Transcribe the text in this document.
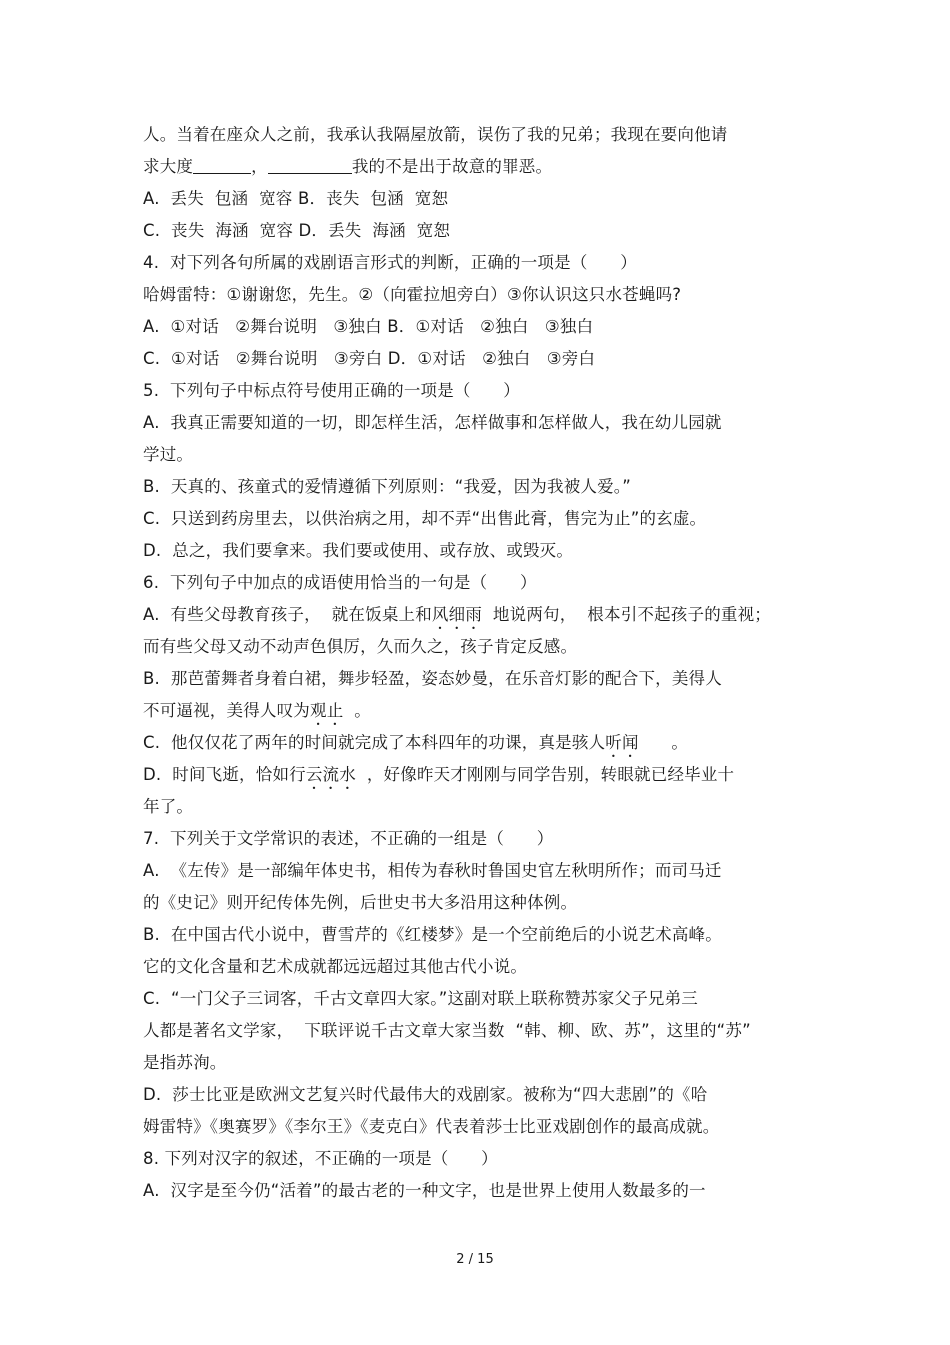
人。当着在座众人之前，我承认我隔屋放箭，误伤了我的兄弟；我现在要向他请
求大度	，	我的不是出于故意的罪恶。
A.  丢失  包涵  宽容 B．丧失  包涵  宽恕
C.  丧失  海涵  宽容 D．丢失  海涵  宽恕
4.  对下列各句所属的戏剧语言形式的判断，正确的一项是（      ）
哈姆雷特：①谢谢您，先生。②（向霍拉旭旁白）③你认识这只水苍蝇吗?
A.  ①对话   ②舞台说明   ③独白 B．①对话   ②独白   ③独白
C.  ①对话   ②舞台说明   ③旁白 D．①对话   ②独白   ③旁白
5.  下列句子中标点符号使用正确的一项是（      ）
A.  我真正需要知道的一切，即怎样生活，怎样做事和怎样做人，我在幼儿园就
学过。
B.  天真的、孩童式的爱情遵循下列原则：“我爱，因为我被人爱。”
C.  只送到药房里去，以供治病之用，却不弄“出售此膏，售完为止”的玄虚。
D.  总之，我们要拿来。我们要或使用、或存放、或毁灭。
6.  下列句子中加点的成语使用恰当的一句是（      ）
A.  有些父母教育孩子，  就在饭桌上和风细雨  地说两句，  根本引不起孩子的重视；
而有些父母又动不动声色俱厉，久而久之，孩子肯定反感。
B.  那芭蕾舞者身着白裙，舞步轻盈，姿态妙曼，在乐音灯影的配合下，美得人
不可逼视，美得人叹为观止  。
C.  他仅仅花了两年的时间就完成了本科四年的功课，真是骇人听闻      。
D.  时间飞逝，恰如行云流水  ，好像昨天才刚刚与同学告别，转眼就已经毕业十
年了。
7.  下列关于文学常识的表述，不正确的一组是（      ）
A.  《左传》是一部编年体史书，相传为春秋时鲁国史官左秋明所作；而司马迁
的《史记》则开纪传体先例，后世史书大多沿用这种体例。
B.  在中国古代小说中，曹雪芹的《红楼梦》是一个空前绝后的小说艺术高峰。
它的文化含量和艺术成就都远远超过其他古代小说。
C.  “一门父子三词客，千古文章四大家。”这副对联上联称赞苏家父子兄弟三
人都是著名文学家，  下联评说千古文章大家当数  “韩、柳、欧、苏”，这里的“苏”
是指苏洵。
D.  莎士比亚是欧洲文艺复兴时代最伟大的戏剧家。被称为“四大悲剧”的《哈
姆雷特》《奥赛罗》《李尔王》《麦克白》代表着莎士比亚戏剧创作的最高成就。
8. 下列对汉字的叙述，不正确的一项是（      ）
A.  汉字是至今仍“活着”的最古老的一种文字，也是世界上使用人数最多的一
2 / 15
